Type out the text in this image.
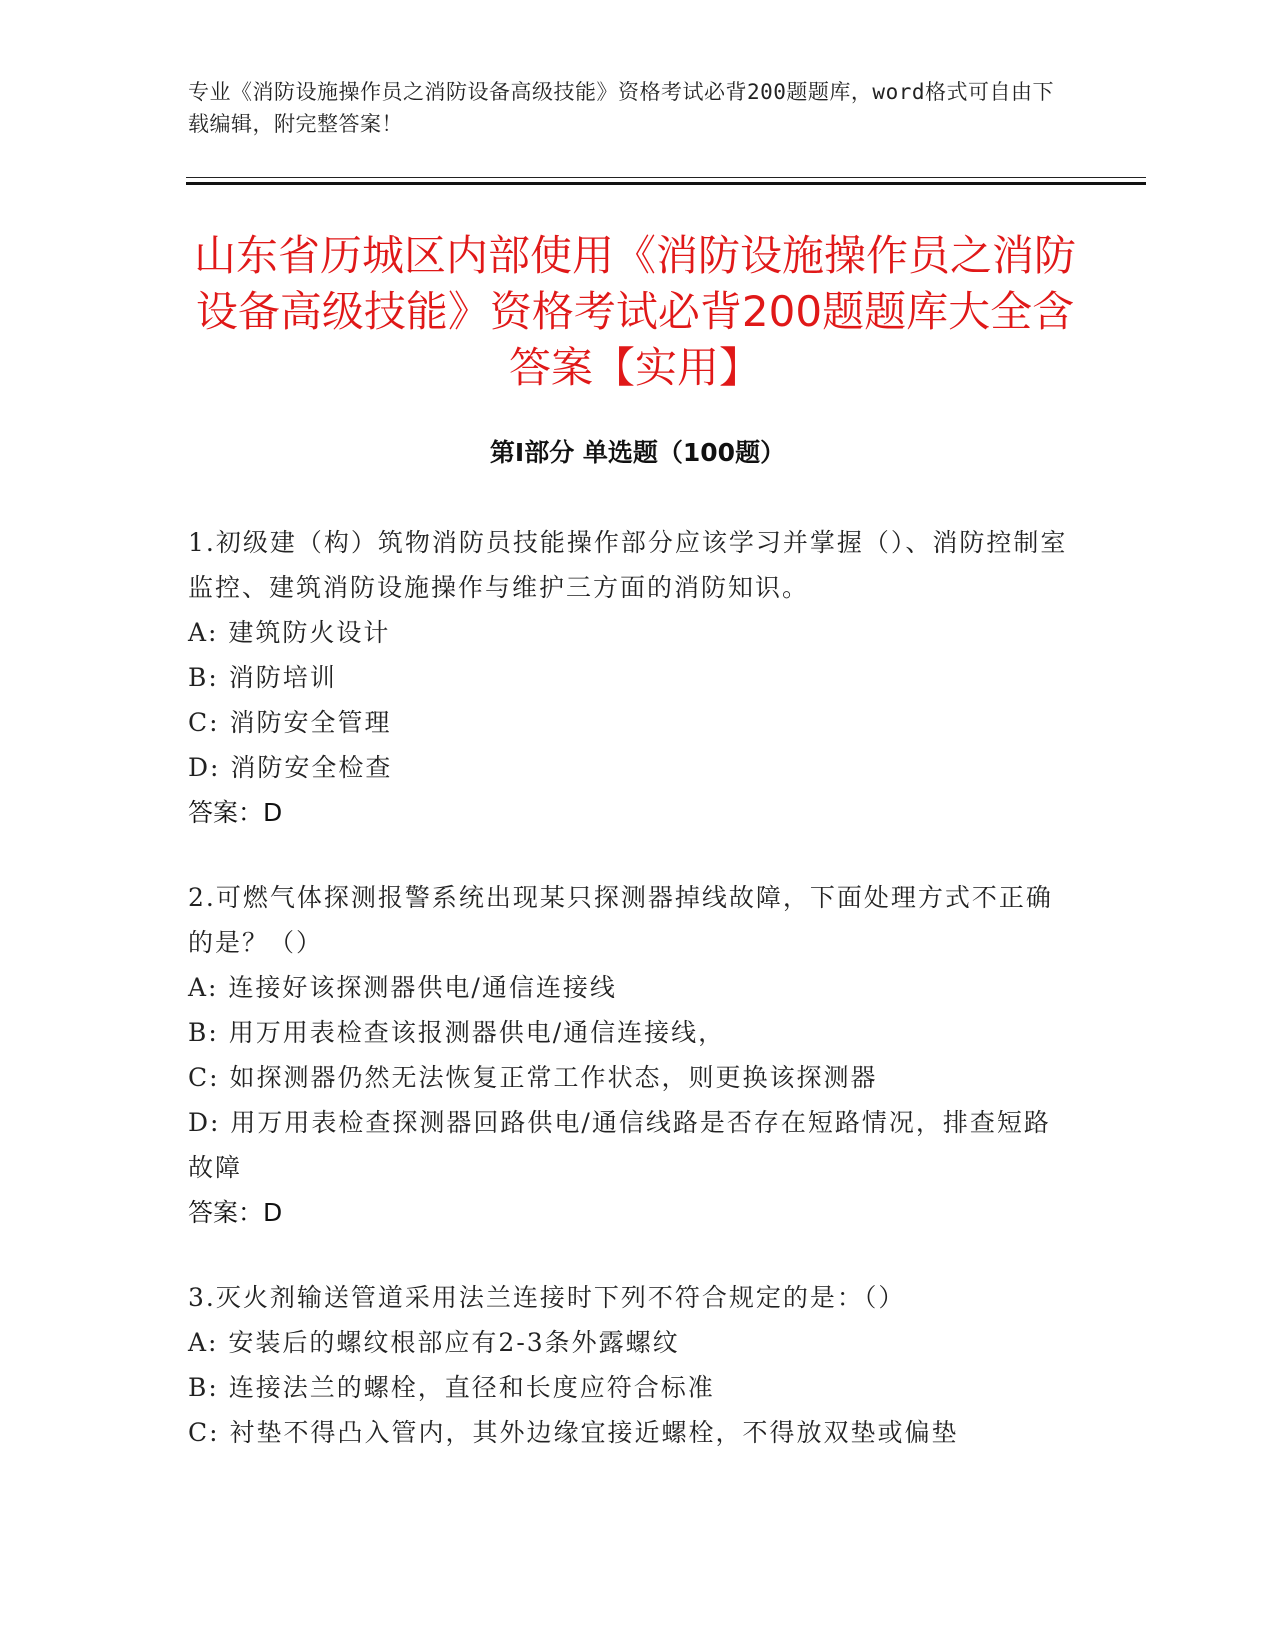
专业《消防设施操作员之消防设备高级技能》资格考试必背200题题库，word格式可自由下载编辑，附完整答案！
山东省历城区内部使用《消防设施操作员之消防设备高级技能》资格考试必背200题题库大全含答案【实用】
第Ⅰ部分 单选题（100题）

1.初级建（构）筑物消防员技能操作部分应该学习并掌握（）、消防控制室监控、建筑消防设施操作与维护三方面的消防知识。

A: 建筑防火设计

B: 消防培训

C: 消防安全管理

D: 消防安全检查

答案：D

2.可燃气体探测报警系统出现某只探测器掉线故障，下面处理方式不正确的是？（）

A: 连接好该探测器供电/通信连接线

B: 用万用表检查该报测器供电/通信连接线，

C: 如探测器仍然无法恢复正常工作状态，则更换该探测器

D: 用万用表检查探测器回路供电/通信线路是否存在短路情况，排查短路故障

答案：D

3.灭火剂输送管道采用法兰连接时下列不符合规定的是：（）

A: 安装后的螺纹根部应有2-3条外露螺纹

B: 连接法兰的螺栓，直径和长度应符合标准

C: 衬垫不得凸入管内，其外边缘宜接近螺栓，不得放双垫或偏垫
